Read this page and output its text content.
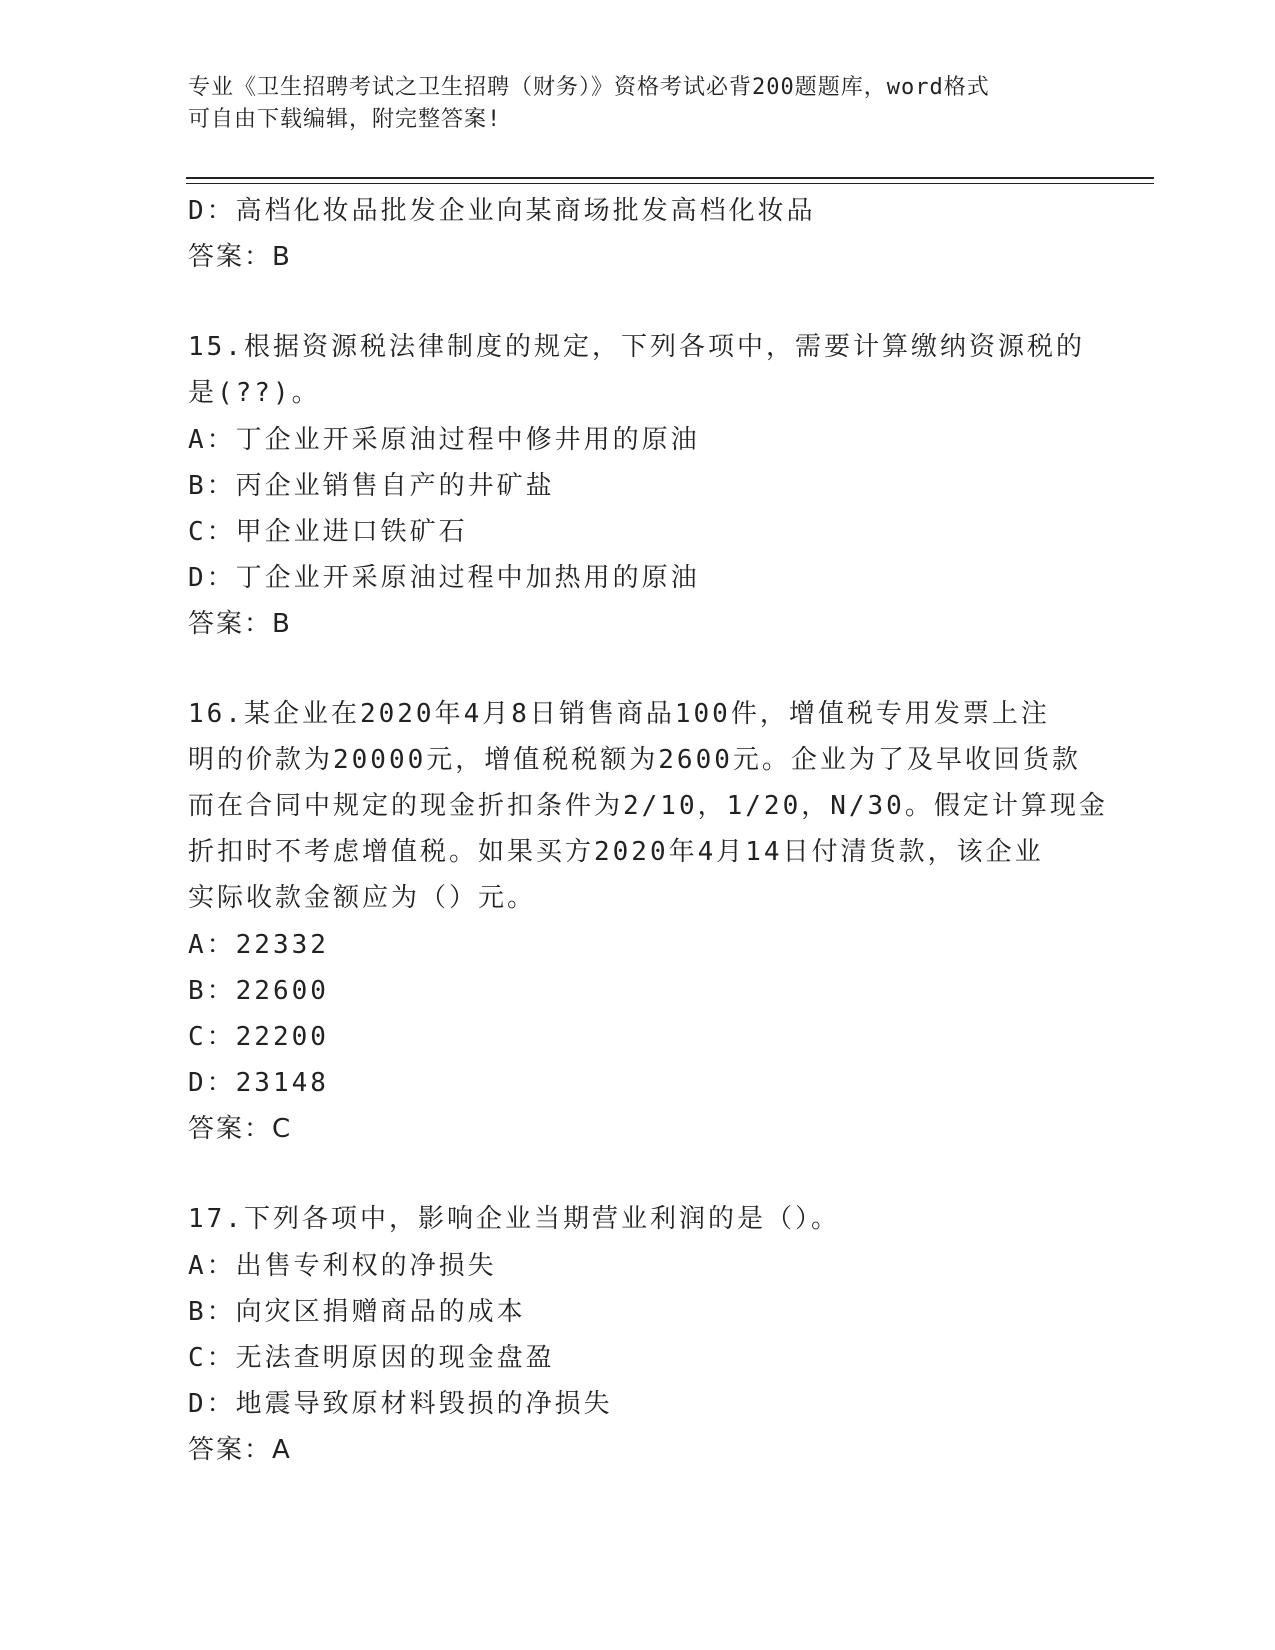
专业《卫生招聘考试之卫生招聘（财务）》资格考试必背200题题库，word格式
可自由下载编辑，附完整答案!
D：高档化妆品批发企业向某商场批发高档化妆品
答案：B
15.根据资源税法律制度的规定，下列各项中，需要计算缴纳资源税的
是(??)。
A：丁企业开采原油过程中修井用的原油
B：丙企业销售自产的井矿盐
C：甲企业进口铁矿石
D：丁企业开采原油过程中加热用的原油
答案：B
16.某企业在2020年4月8日销售商品100件，增值税专用发票上注
明的价款为20000元，增值税税额为2600元。企业为了及早收回货款
而在合同中规定的现金折扣条件为2/10，1/20，N/30。假定计算现金
折扣时不考虑增值税。如果买方2020年4月14日付清货款，该企业
实际收款金额应为（）元。
A：22332
B：22600
C：22200
D：23148
答案：C
17.下列各项中，影响企业当期营业利润的是（）。
A：出售专利权的净损失
B：向灾区捐赠商品的成本
C：无法查明原因的现金盘盈
D：地震导致原材料毁损的净损失
答案：A
